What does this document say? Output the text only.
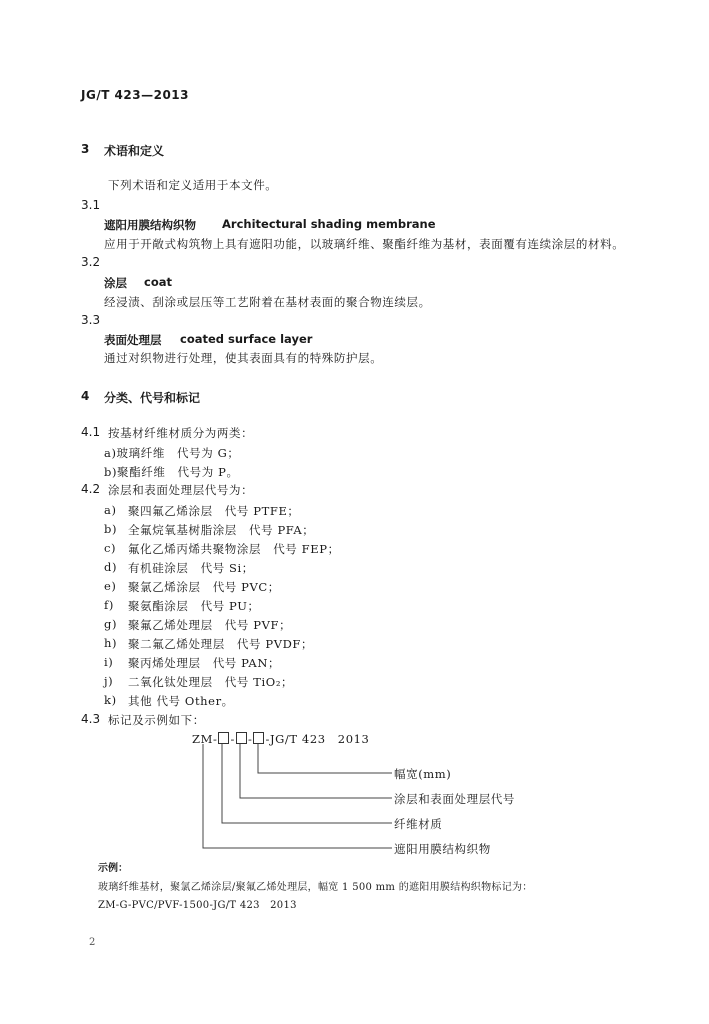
JG/T 423—2013
3 术语和定义
下列术语和定义适用于本文件。
3.1
遮阳用膜结构织物 Architectural shading membrane
应用于开敞式构筑物上具有遮阳功能，以玻璃纤维、聚酯纤维为基材，表面覆有连续涂层的材料。
3.2
涂层 coat
经浸渍、刮涂或层压等工艺附着在基材表面的聚合物连续层。
3.3
表面处理层 coated surface layer
通过对织物进行处理，使其表面具有的特殊防护层。
4 分类、代号和标记
4.1 按基材纤维材质分为两类：
a)玻璃纤维　代号为 G；
b)聚酯纤维　代号为 P。
4.2 涂层和表面处理层代号为：
a) 聚四氟乙烯涂层　代号 PTFE；
b) 全氟烷氧基树脂涂层　代号 PFA；
c) 氟化乙烯丙烯共聚物涂层　代号 FEP；
d) 有机硅涂层　代号 Si；
e) 聚氯乙烯涂层　代号 PVC；
f) 聚氨酯涂层　代号 PU；
g) 聚氟乙烯处理层　代号 PVF；
h) 聚二氟乙烯处理层　代号 PVDF；
i) 聚丙烯处理层　代号 PAN；
j) 二氧化钛处理层　代号 TiO₂；
k) 其他 代号 Other。
4.3 标记及示例如下：
ZM- - - -JG/T 423　2013
幅宽(mm)
涂层和表面处理层代号
纤维材质
遮阳用膜结构织物
示例：
玻璃纤维基材，聚氯乙烯涂层/聚氟乙烯处理层，幅宽 1 500 mm 的遮阳用膜结构织物标记为：
ZM-G-PVC/PVF-1500-JG/T 423　2013
2
